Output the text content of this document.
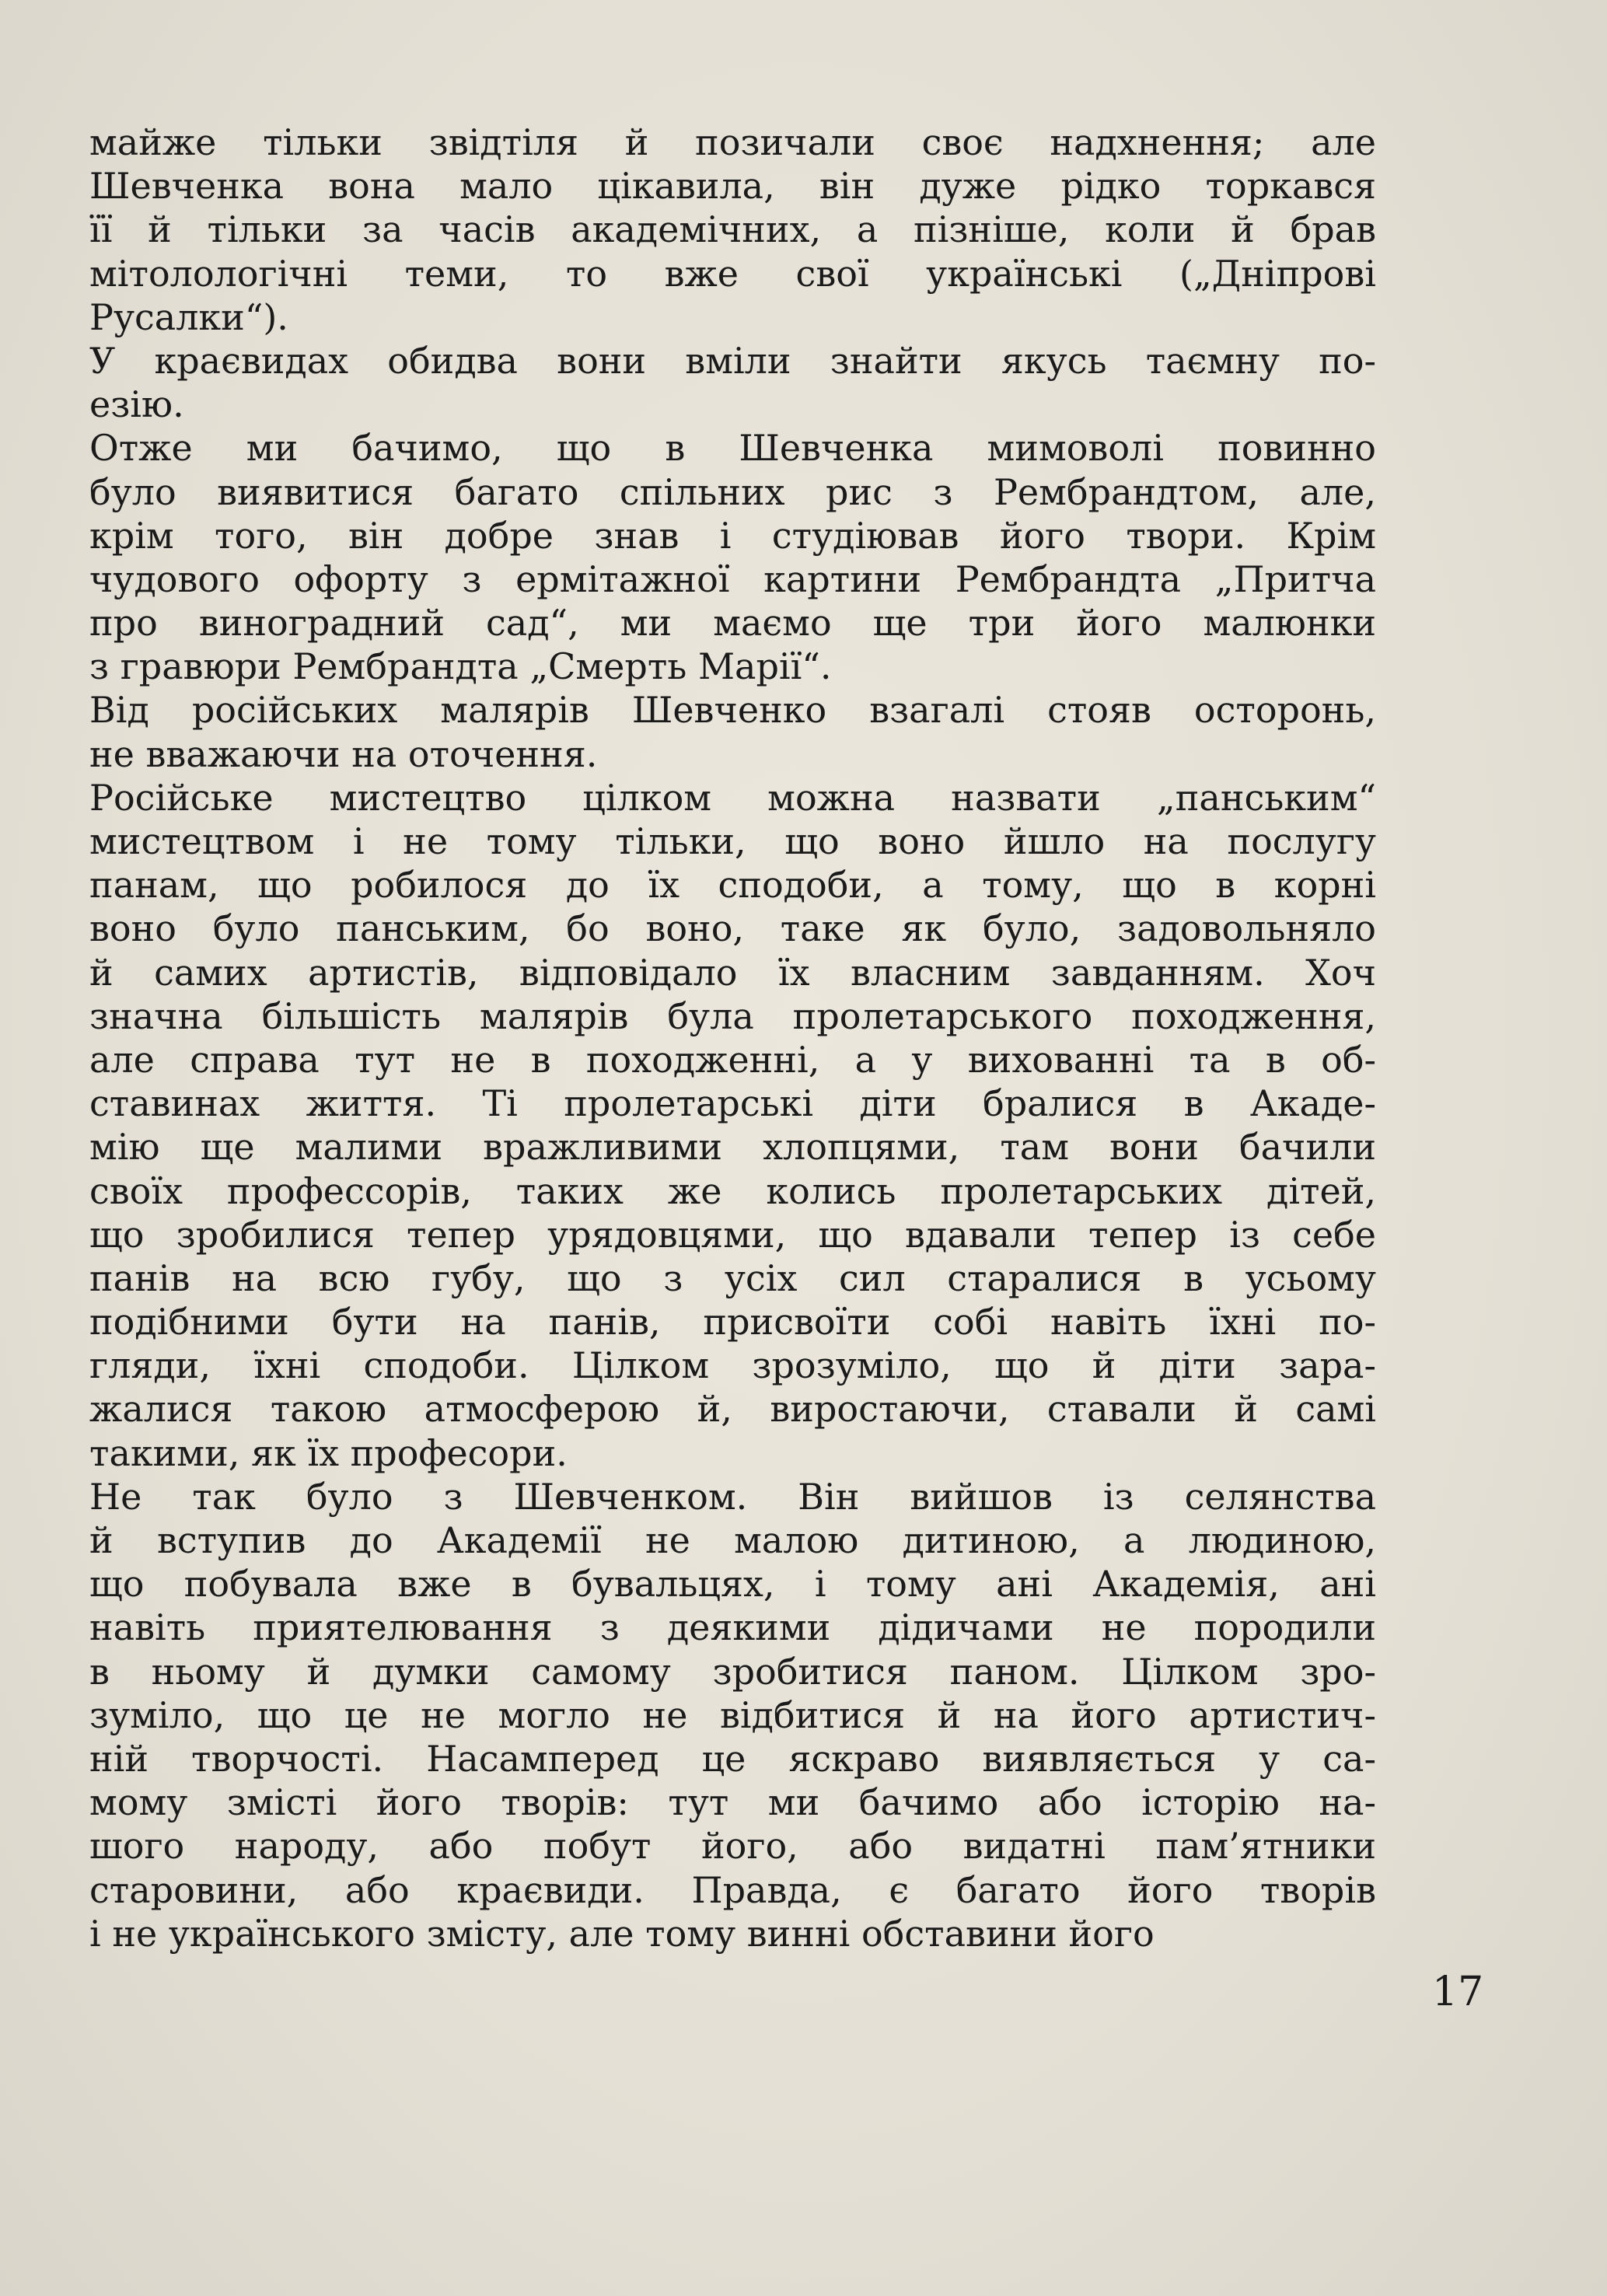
майже тільки звідтіля й позичали своє надхнення; але
Шевченка вона мало цікавила, він дуже рідко торкався
її й тільки за часів академічних, а пізніше, коли й брав
мітолологічні теми, то вже свої українські („Дніпрові
Русалки“).
У краєвидах обидва вони вміли знайти якусь таємну по-
езію.
Отже ми бачимо, що в Шевченка мимоволі повинно
було виявитися багато спільних рис з Рембрандтом, але,
крім того, він добре знав і студіював його твори. Крім
чудового офорту з ермітажної картини Рембрандта „Притча
про виноградний сад“, ми маємо ще три його малюнки
з гравюри Рембрандта „Смерть Марії“.
Від російських малярів Шевченко взагалі стояв осторонь,
не вважаючи на оточення.
Російське мистецтво цілком можна назвати „панським“
мистецтвом і не тому тільки, що воно йшло на послугу
панам, що робилося до їх сподоби, а тому, що в корні
воно було панським, бо воно, таке як було, задовольняло
й самих артистів, відповідало їх власним завданням. Хоч
значна більшість малярів була пролетарського походження,
але справа тут не в походженні, а у вихованні та в об-
ставинах життя. Ті пролетарські діти бралися в Акаде-
мію ще малими вражливими хлопцями, там вони бачили
своїх профессорів, таких же колись пролетарських дітей,
що зробилися тепер урядовцями, що вдавали тепер із себе
панів на всю губу, що з усіх сил старалися в усьому
подібними бути на панів, присвоїти собі навіть їхні по-
гляди, їхні сподоби. Цілком зрозуміло, що й діти зара-
жалися такою атмосферою й, виростаючи, ставали й самі
такими, як їх професори.
Не так було з Шевченком. Він вийшов із селянства
й вступив до Академії не малою дитиною, а людиною,
що побувала вже в бувальцях, і тому ані Академія, ані
навіть приятелювання з деякими дідичами не породили
в ньому й думки самому зробитися паном. Цілком зро-
зуміло, що це не могло не відбитися й на його артистич-
ній творчості. Насамперед це яскраво виявляється у са-
мому змісті його творів: тут ми бачимо або історію на-
шого народу, або побут його, або видатні пам’ятники
старовини, або краєвиди. Правда, є багато його творів
і не українського змісту, але тому винні обставини його
17
